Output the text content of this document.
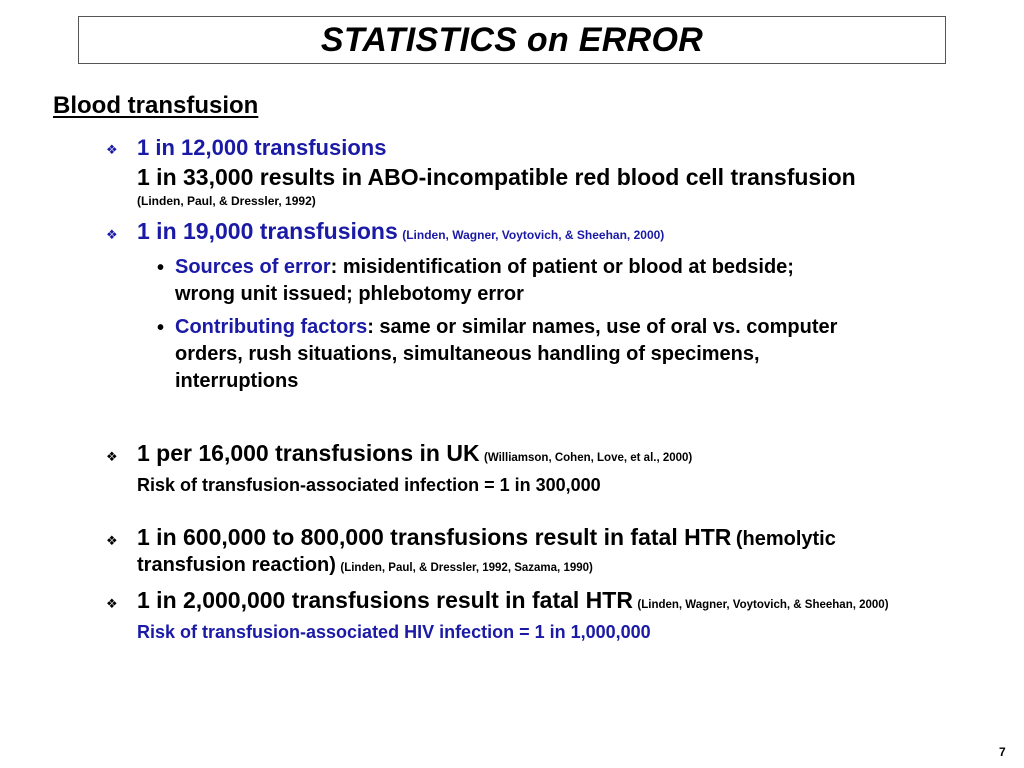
STATISTICS on ERROR
Blood transfusion
❖ 1 in 12,000 transfusions
1 in 33,000 results in ABO-incompatible red blood cell transfusion
(Linden, Paul, & Dressler, 1992)
❖ 1 in 19,000 transfusions (Linden, Wagner, Voytovich, & Sheehan, 2000)
• Sources of error: misidentification of patient or blood at bedside;
wrong unit issued; phlebotomy error
• Contributing factors: same or similar names, use of oral vs. computer
orders, rush situations, simultaneous handling of specimens,
interruptions
❖ 1 per 16,000 transfusions in UK (Williamson, Cohen, Love, et al., 2000)
Risk of transfusion-associated infection = 1 in 300,000
❖ 1 in 600,000 to 800,000 transfusions result in fatal HTR (hemolytic
transfusion reaction) (Linden, Paul, & Dressler, 1992, Sazama, 1990)
❖ 1 in 2,000,000 transfusions result in fatal HTR (Linden, Wagner, Voytovich, & Sheehan, 2000)
Risk of transfusion-associated HIV infection = 1 in 1,000,000
7
